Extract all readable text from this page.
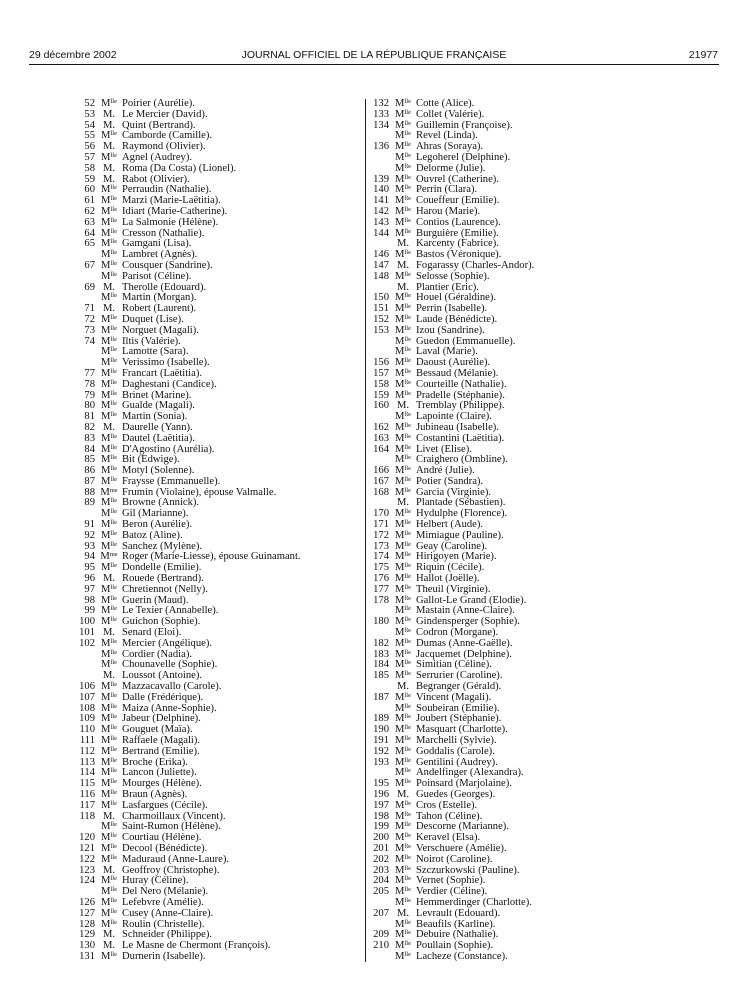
29 décembre 2002	JOURNAL OFFICIEL DE LA RÉPUBLIQUE FRANÇAISE	21977
52 $M^{lle}$ Poirier (Aurélie).
53 M. Le Mercier (David).
54 M. Quint (Bertrand).
55 $M^{lle}$ Camborde (Camille).
56 M. Raymond (Olivier).
57 $M^{lle}$ Agnel (Audrey).
58 M. Roma (Da Costa) (Lionel).
59 M. Rabot (Olivier).
60 $M^{lle}$ Perraudin (Nathalie).
61 $M^{lle}$ Marzi (Marie-Laëtitia).
62 $M^{lle}$ Idiart (Marie-Catherine).
63 $M^{lle}$ La Salmonie (Hélène).
64 $M^{lle}$ Cresson (Nathalie).
65 $M^{lle}$ Gamgani (Lisa).
$M^{lle}$ Lambret (Agnès).
67 $M^{lle}$ Cousquer (Sandrine).
$M^{lle}$ Parisot (Céline).
69 M. Therolle (Edouard).
$M^{lle}$ Martin (Morgan).
71 M. Robert (Laurent).
72 $M^{lle}$ Duquet (Lise).
73 $M^{lle}$ Norguet (Magali).
74 $M^{lle}$ Iltis (Valérie).
$M^{lle}$ Lamotte (Sara).
$M^{lle}$ Verissimo (Isabelle).
77 $M^{lle}$ Francart (Laëtitia).
78 $M^{lle}$ Daghestani (Candice).
79 $M^{lle}$ Brinet (Marine).
80 $M^{lle}$ Gualde (Magali).
81 $M^{lle}$ Martin (Sonia).
82 M. Daurelle (Yann).
83 $M^{lle}$ Dautel (Laëtitia).
84 $M^{lle}$ D'Agostino (Aurélia).
85 $M^{lle}$ Bit (Edwige).
86 $M^{lle}$ Motyl (Solenne).
87 $M^{lle}$ Fraysse (Emmanuelle).
88 $M^{me}$ Frumin (Violaine), épouse Valmalle.
89 $M^{lle}$ Browne (Annick).
$M^{lle}$ Gil (Marianne).
91 $M^{lle}$ Beron (Aurélie).
92 $M^{lle}$ Batoz (Aline).
93 $M^{lle}$ Sanchez (Mylène).
94 $M^{me}$ Roger (Marie-Liesse), épouse Guinamant.
95 $M^{lle}$ Dondelle (Emilie).
96 M. Rouede (Bertrand).
97 $M^{lle}$ Chretiennot (Nelly).
98 $M^{lle}$ Guerin (Maud).
99 $M^{lle}$ Le Texier (Annabelle).
100 $M^{lle}$ Guichon (Sophie).
101 M. Senard (Eloi).
102 $M^{lle}$ Mercier (Angélique).
$M^{lle}$ Cordier (Nadia).
$M^{lle}$ Chounavelle (Sophie).
M. Loussot (Antoine).
106 $M^{lle}$ Mazzacavallo (Carole).
107 $M^{lle}$ Dalle (Frédérique).
108 $M^{lle}$ Maiza (Anne-Sophie).
109 $M^{lle}$ Jabeur (Delphine).
110 $M^{lle}$ Gouguet (Maïa).
111 $M^{lle}$ Raffaele (Magali).
112 $M^{lle}$ Bertrand (Emilie).
113 $M^{lle}$ Broche (Erika).
114 $M^{lle}$ Lancon (Juliette).
115 $M^{lle}$ Mourges (Hélène).
116 $M^{lle}$ Braun (Agnès).
117 $M^{lle}$ Lasfargues (Cécile).
118 M. Charmoillaux (Vincent).
$M^{lle}$ Saint-Rumon (Hélène).
120 $M^{lle}$ Courtiau (Hélène).
121 $M^{lle}$ Decool (Bénédicte).
122 $M^{lle}$ Maduraud (Anne-Laure).
123 M. Geoffroy (Christophe).
124 $M^{lle}$ Huray (Céline).
$M^{lle}$ Del Nero (Mélanie).
126 $M^{lle}$ Lefebvre (Amélie).
127 $M^{lle}$ Cusey (Anne-Claire).
128 $M^{lle}$ Roulin (Christelle).
129 M. Schneider (Philippe).
130 M. Le Masne de Chermont (François).
131 $M^{lle}$ Durnerin (Isabelle).
132 $M^{lle}$ Cotte (Alice).
133 $M^{lle}$ Collet (Valérie).
134 $M^{lle}$ Guillemin (Françoise).
$M^{lle}$ Revel (Linda).
136 $M^{lle}$ Ahras (Soraya).
$M^{lle}$ Legoherel (Delphine).
$M^{lle}$ Delorme (Julie).
139 $M^{lle}$ Ouvrel (Catherine).
140 $M^{lle}$ Perrin (Clara).
141 $M^{lle}$ Coueffeur (Emilie).
142 $M^{lle}$ Harou (Marie).
143 $M^{lle}$ Contios (Laurence).
144 $M^{lle}$ Burguière (Emilie).
M. Karcenty (Fabrice).
146 $M^{lle}$ Bastos (Véronique).
147 M. Fogarassy (Charles-Andor).
148 $M^{lle}$ Selosse (Sophie).
M. Plantier (Eric).
150 $M^{lle}$ Houel (Géraldine).
151 $M^{lle}$ Perrin (Isabelle).
152 $M^{lle}$ Laude (Bénédicte).
153 $M^{lle}$ Izou (Sandrine).
$M^{lle}$ Guedon (Emmanuelle).
$M^{lle}$ Laval (Marie).
156 $M^{lle}$ Daoust (Aurélie).
157 $M^{lle}$ Bessaud (Mélanie).
158 $M^{lle}$ Courteille (Nathalie).
159 $M^{lle}$ Pradelle (Stéphanie).
160 M. Tremblay (Philippe).
$M^{lle}$ Lapointe (Claire).
162 $M^{lle}$ Jubineau (Isabelle).
163 $M^{lle}$ Costantini (Laëtitia).
164 $M^{lle}$ Livet (Elise).
$M^{lle}$ Craighero (Ombline).
166 $M^{lle}$ André (Julie).
167 $M^{lle}$ Potier (Sandra).
168 $M^{lle}$ Garcia (Virginie).
M. Plantade (Sébastien).
170 $M^{lle}$ Hydulphe (Florence).
171 $M^{lle}$ Helbert (Aude).
172 $M^{lle}$ Mimiague (Pauline).
173 $M^{lle}$ Geay (Caroline).
174 $M^{lle}$ Hirigoyen (Marie).
175 $M^{lle}$ Riquin (Cécile).
176 $M^{lle}$ Hallot (Joëlle).
177 $M^{lle}$ Theuil (Virginie).
178 $M^{lle}$ Gallot-Le Grand (Elodie).
$M^{lle}$ Mastain (Anne-Claire).
180 $M^{lle}$ Gindensperger (Sophie).
$M^{lle}$ Codron (Morgane).
182 $M^{lle}$ Dumas (Anne-Gaëlle).
183 $M^{lle}$ Jacquemet (Delphine).
184 $M^{lle}$ Simitian (Céline).
185 $M^{lle}$ Serrurier (Caroline).
M. Begranger (Gérald).
187 $M^{lle}$ Vincent (Magali).
$M^{lle}$ Soubeiran (Emilie).
189 $M^{lle}$ Joubert (Stéphanie).
190 $M^{lle}$ Masquart (Charlotte).
191 $M^{lle}$ Marchelli (Sylvie).
192 $M^{lle}$ Goddalis (Carole).
193 $M^{lle}$ Gentilini (Audrey).
$M^{lle}$ Andelfinger (Alexandra).
195 $M^{lle}$ Poinsard (Marjolaine).
196 M. Guedes (Georges).
197 $M^{lle}$ Cros (Estelle).
198 $M^{lle}$ Tahon (Céline).
199 $M^{lle}$ Descorne (Marianne).
200 $M^{lle}$ Keravel (Elsa).
201 $M^{lle}$ Verschuere (Amélie).
202 $M^{lle}$ Noirot (Caroline).
203 $M^{lle}$ Szczurkowski (Pauline).
204 $M^{lle}$ Vernet (Sophie).
205 $M^{lle}$ Verdier (Céline).
$M^{lle}$ Hemmerdinger (Charlotte).
207 M. Levrault (Edouard).
$M^{lle}$ Beaufils (Karline).
209 $M^{lle}$ Debuire (Nathalie).
210 $M^{lle}$ Poullain (Sophie).
$M^{lle}$ Lacheze (Constance).
